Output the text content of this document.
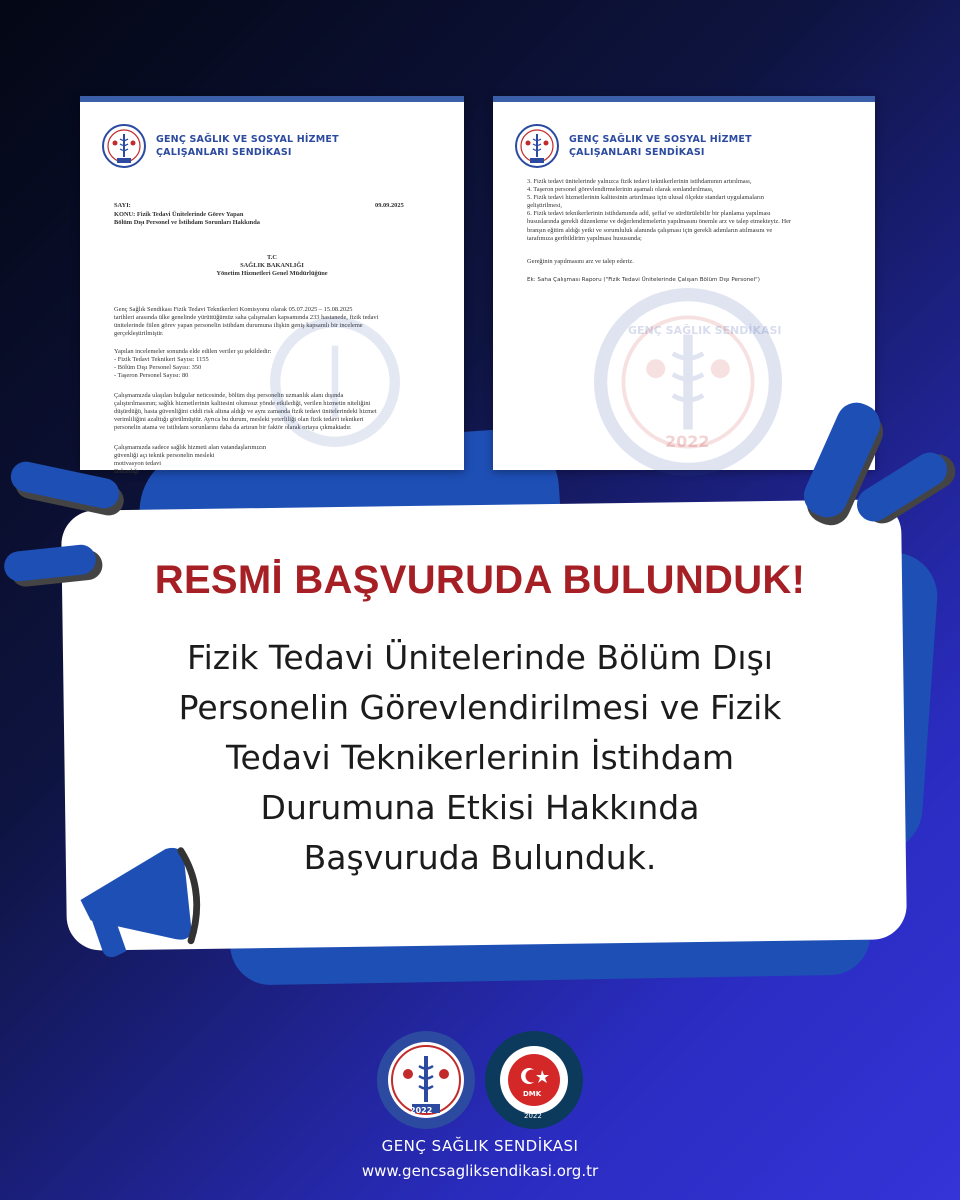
GENÇ SAĞLIK VE SOSYAL HİZMET
ÇALIŞANLARI SENDİKASI
SAYI:	09.09.2025
KONU: Fizik Tedavi Ünitelerinde Görev Yapan
Bölüm Dışı Personel ve İstihdam Sorunları Hakkında
T.C
SAĞLIK BAKANLIĞI
Yönetim Hizmetleri Genel Müdürlüğüne
Genç Sağlık Sendikası Fizik Tedavi Teknikerleri Komisyonu olarak 05.07.2025 – 15.08.2025
tarihleri arasında ülke genelinde yürüttüğümüz saha çalışmaları kapsamında 233 hastanede, fizik tedavi
ünitelerinde fiilen görev yapan personelin istihdam durumuna ilişkin geniş kapsamlı bir inceleme
gerçekleştirilmiştir.
Yapılan incelemeler sonunda elde edilen veriler şu şekildedir:
- Fizik Tedavi Teknikeri Sayısı: 1155
- Bölüm Dışı Personel Sayısı: 350
- Taşeron Personel Sayısı: 80
Çalışmamızda ulaşılan bulgular neticesinde, bölüm dışı personelin uzmanlık alanı
çalıştırılmasının; sağlık hizmetlerinin kalitesini olumsuz yönde etkilediği, verilen niteliğini
düşürdüğü, hasta güvenliğini ciddi risk altına aldığı ve aynı zamanda fizik tedavi ünitelerindeki hizmet
verimliliğini azalttığı görülmüştür. Ayrıca bu durum, mesleki yeterliliği olan fizik tedavi teknikeri
personelin atama ve istihdam sorunlarını daha da artıran bir faktör olarak ortaya çıkmaktadır.
Çalışmamızda sadece sağlık hizmeti alan vatandaşlarımızın
güvenliği açı teknik personelin mesleki
motivasyon tedavi
Bakanlığı
GENÇ SAĞLIK VE SOSYAL HİZMET
ÇALIŞANLARI SENDİKASI
3. Fizik tedavi ünitelerinde yalnızca fizik tedavi teknikerlerinin istihdamının artırılması,
4. Taşeron personel görevlendirmelerinin aşamalı olarak sonlandırılması,
5. Fizik tedavi hizmetlerinin kalitesinin artırılması için ulusal ölçekte standart uygulamaların
geliştirilmesi,
6. Fizik tedavi teknikerlerinin istihdamında adil, şeffaf ve sürdürülebilir bir planlama yapılması
hususlarında gerekli düzenleme ve değerlendirmelerin yapılmasını önemle arz ve talep etmekteyiz. Her
branşın eğitim aldığı yetki ve sorumluluk alanında çalışması için gerekli adımların atılmasını ve
tarafımıza geribildirim yapılması hususunda;
Gereğinin yapılmasını arz ve talep ederiz.
Ek: Saha Çalışması Raporu ("Fizik Tedavi Ünitelerinde Çalışan Bölüm Dışı Personel")
GENÇ SAĞLIK SENDİKASI
2022
RESMİ BAŞVURUDA BULUNDUK!
Fizik Tedavi Ünitelerinde Bölüm Dışı
Personelin Görevlendirilmesi ve Fizik
Tedavi Teknikerlerinin İstihdam
Durumuna Etkisi Hakkında
Başvuruda Bulunduk.
2022
DMK
2022
GENÇ SAĞLIK SENDİKASI
www.gencsagliksendikasi.org.tr
